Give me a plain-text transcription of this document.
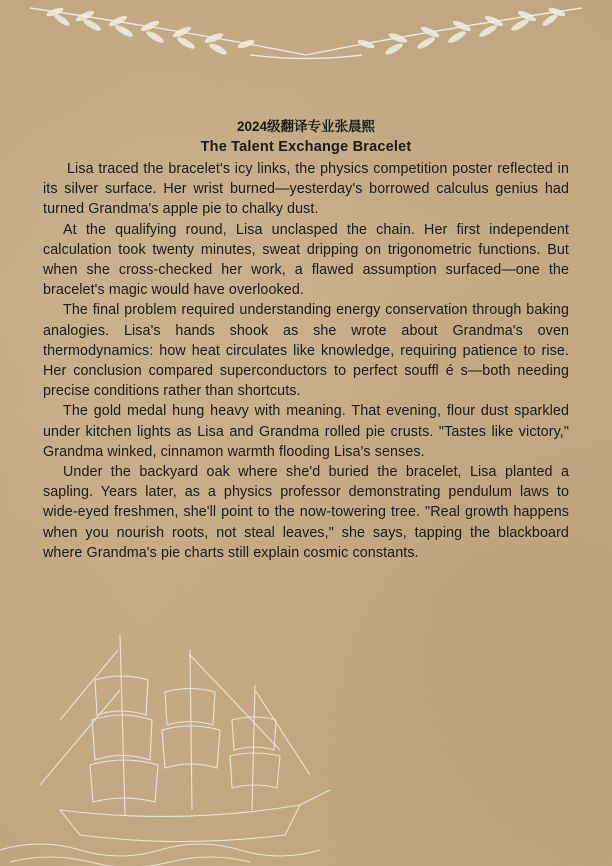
2024级翻译专业张晨熙
The Talent Exchange Bracelet

Lisa traced the bracelet's icy links, the physics competition poster reflected in its silver surface. Her wrist burned—yesterday's borrowed calculus genius had turned Grandma's apple pie to chalky dust.

At the qualifying round, Lisa unclasped the chain. Her first independent calculation took twenty minutes, sweat dripping on trigonometric functions. But when she cross-checked her work, a flawed assumption surfaced—one the bracelet's magic would have overlooked.

The final problem required understanding energy conservation through baking analogies. Lisa's hands shook as she wrote about Grandma's oven thermodynamics: how heat circulates like knowledge, requiring patience to rise. Her conclusion compared superconductors to perfect souffl é s—both needing precise conditions rather than shortcuts.

The gold medal hung heavy with meaning. That evening, flour dust sparkled under kitchen lights as Lisa and Grandma rolled pie crusts. "Tastes like victory," Grandma winked, cinnamon warmth flooding Lisa's senses.

Under the backyard oak where she'd buried the bracelet, Lisa planted a sapling. Years later, as a physics professor demonstrating pendulum laws to wide-eyed freshmen, she'll point to the now-towering tree. "Real growth happens when you nourish roots, not steal leaves," she says, tapping the blackboard where Grandma's pie charts still explain cosmic constants.
